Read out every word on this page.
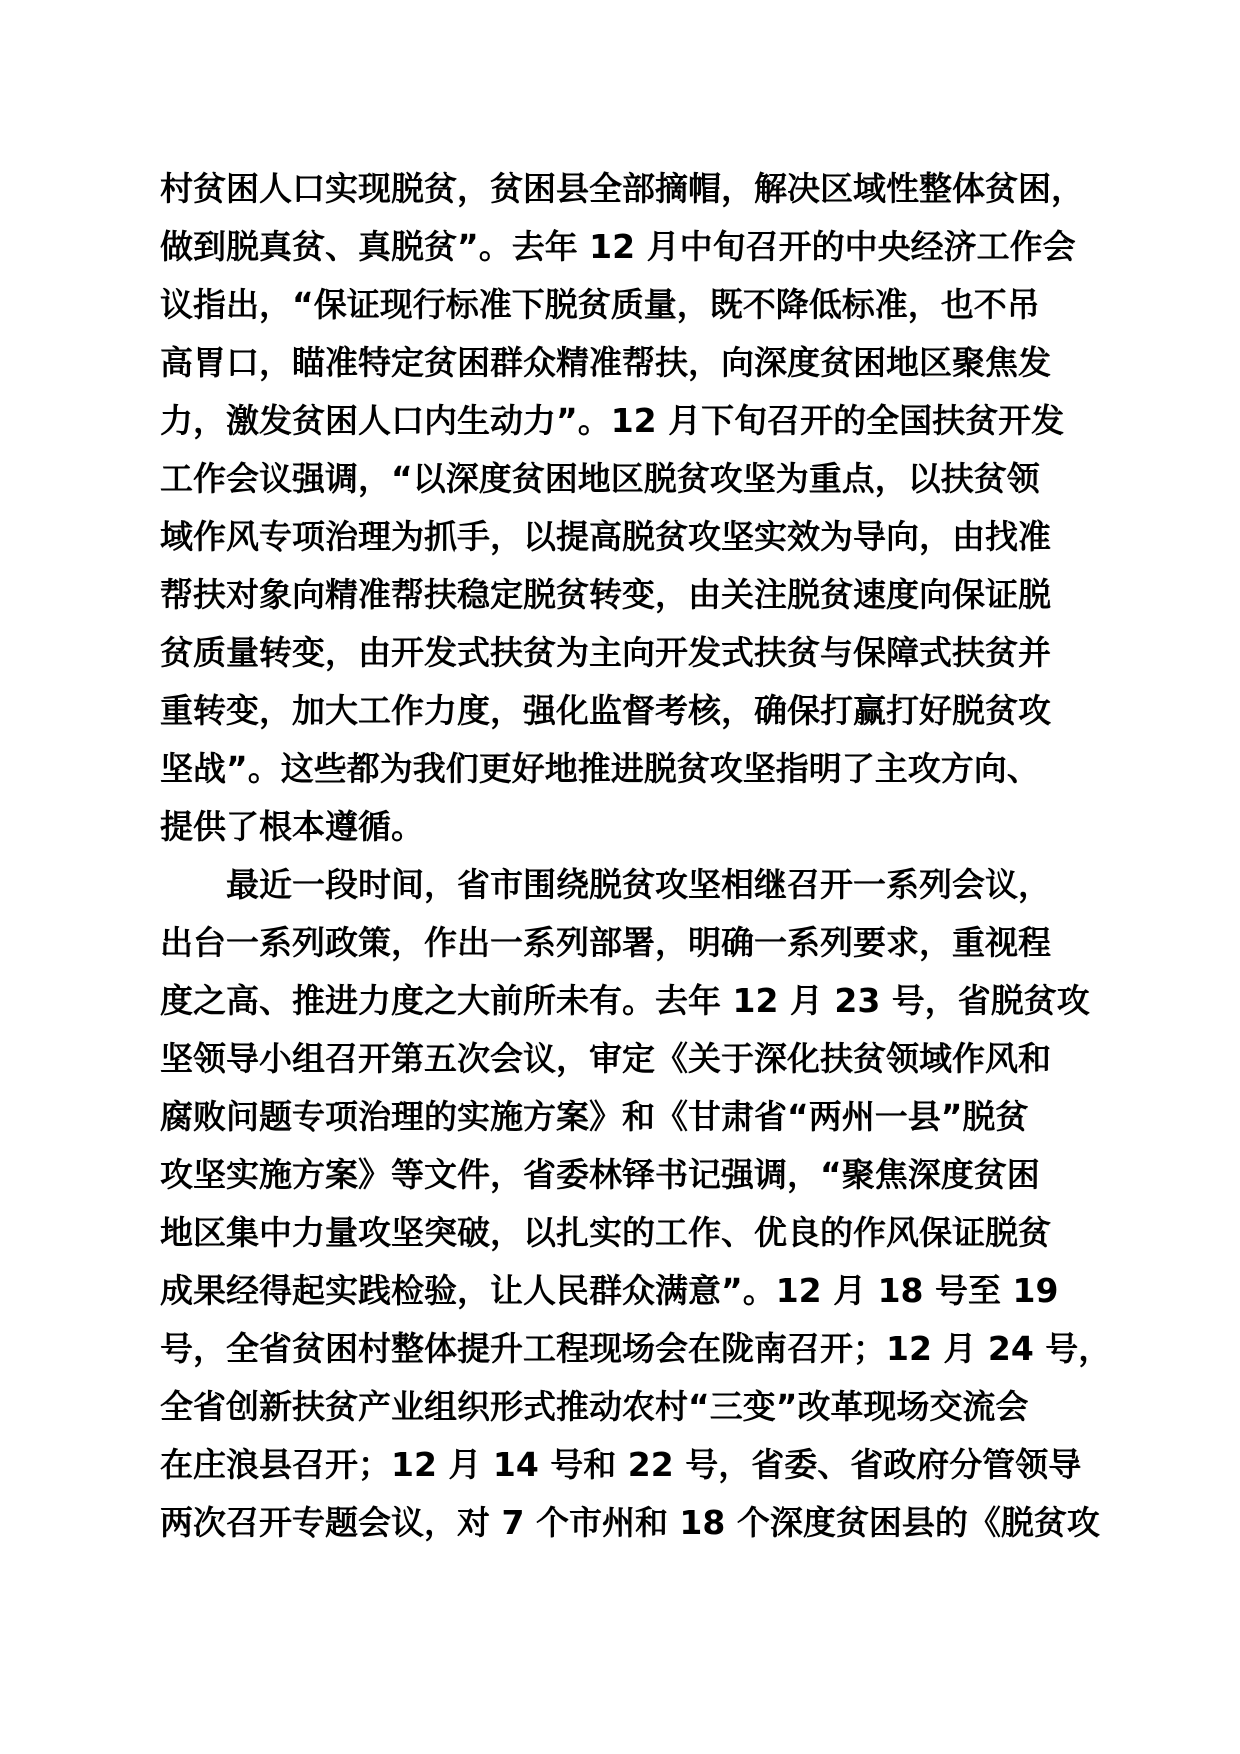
村贫困人口实现脱贫，贫困县全部摘帽，解决区域性整体贫困，

做到脱真贫、真脱贫”。去年 12 月中旬召开的中央经济工作会

议指出，“保证现行标准下脱贫质量，既不降低标准，也不吊

高胃口，瞄准特定贫困群众精准帮扶，向深度贫困地区聚焦发

力，激发贫困人口内生动力”。12 月下旬召开的全国扶贫开发

工作会议强调，“以深度贫困地区脱贫攻坚为重点，以扶贫领

域作风专项治理为抓手，以提高脱贫攻坚实效为导向，由找准

帮扶对象向精准帮扶稳定脱贫转变，由关注脱贫速度向保证脱

贫质量转变，由开发式扶贫为主向开发式扶贫与保障式扶贫并

重转变，加大工作力度，强化监督考核，确保打赢打好脱贫攻

坚战”。这些都为我们更好地推进脱贫攻坚指明了主攻方向、

提供了根本遵循。

最近一段时间，省市围绕脱贫攻坚相继召开一系列会议，

出台一系列政策，作出一系列部署，明确一系列要求，重视程

度之高、推进力度之大前所未有。去年 12 月 23 号，省脱贫攻

坚领导小组召开第五次会议，审定《关于深化扶贫领域作风和

腐败问题专项治理的实施方案》和《甘肃省“两州一县”脱贫

攻坚实施方案》等文件，省委林铎书记强调，“聚焦深度贫困

地区集中力量攻坚突破，以扎实的工作、优良的作风保证脱贫

成果经得起实践检验，让人民群众满意”。12 月 18 号至 19

号，全省贫困村整体提升工程现场会在陇南召开；12 月 24 号，

全省创新扶贫产业组织形式推动农村“三变”改革现场交流会

在庄浪县召开；12 月 14 号和 22 号，省委、省政府分管领导

两次召开专题会议，对 7 个市州和 18 个深度贫困县的《脱贫攻
